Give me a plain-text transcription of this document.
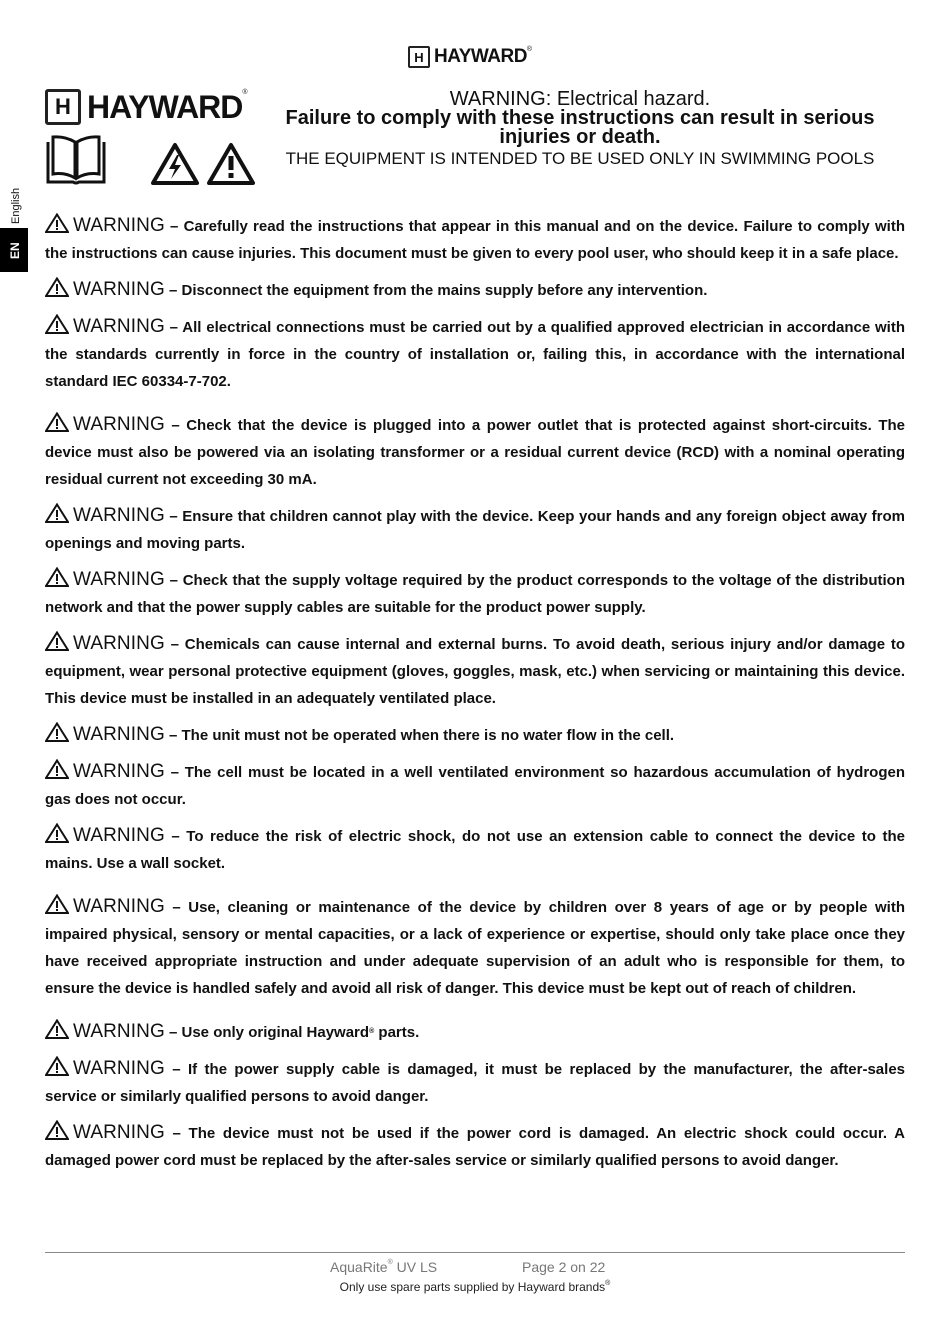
H HAYWARD®
H HAYWARD®	WARNING: Electrical hazard.
Failure to comply with these instructions can result in serious injuries or death.
THE EQUIPMENT IS INTENDED TO BE USED ONLY IN SWIMMING POOLS
English
EN

WARNING – Carefully read the instructions that appear in this manual and on the device. Failure to comply with the instructions can cause injuries. This document must be given to every pool user, who should keep it in a safe place.

WARNING – Disconnect the equipment from the mains supply before any intervention.

WARNING – All electrical connections must be carried out by a qualified approved electrician in accordance with the standards currently in force in the country of installation or, failing this, in accordance with the international standard IEC 60334-7-702.

WARNING – Check that the device is plugged into a power outlet that is protected against short-circuits. The device must also be powered via an isolating transformer or a residual current device (RCD) with a nominal operating residual current not exceeding 30 mA.

WARNING – Ensure that children cannot play with the device. Keep your hands and any foreign object away from openings and moving parts.

WARNING – Check that the supply voltage required by the product corresponds to the voltage of the distribution network and that the power supply cables are suitable for the product power supply.

WARNING – Chemicals can cause internal and external burns. To avoid death, serious injury and/or damage to equipment, wear personal protective equipment (gloves, goggles, mask, etc.) when servicing or maintaining this device. This device must be installed in an adequately ventilated place.

WARNING – The unit must not be operated when there is no water flow in the cell.

WARNING – The cell must be located in a well ventilated environment so hazardous accumulation of hydrogen gas does not occur.

WARNING – To reduce the risk of electric shock, do not use an extension cable to connect the device to the mains. Use a wall socket.

WARNING – Use, cleaning or maintenance of the device by children over 8 years of age or by people with impaired physical, sensory or mental capacities, or a lack of experience or expertise, should only take place once they have received appropriate instruction and under adequate supervision of an adult who is responsible for them, to ensure the device is handled safely and avoid all risk of danger. This device must be kept out of reach of children.

WARNING – Use only original Hayward® parts.

WARNING – If the power supply cable is damaged, it must be replaced by the manufacturer, the after-sales service or similarly qualified persons to avoid danger.

WARNING – The device must not be used if the power cord is damaged. An electric shock could occur. A damaged power cord must be replaced by the after-sales service or similarly qualified persons to avoid danger.

AquaRite® UV LS	Page 2 on 22
Only use spare parts supplied by Hayward brands®
